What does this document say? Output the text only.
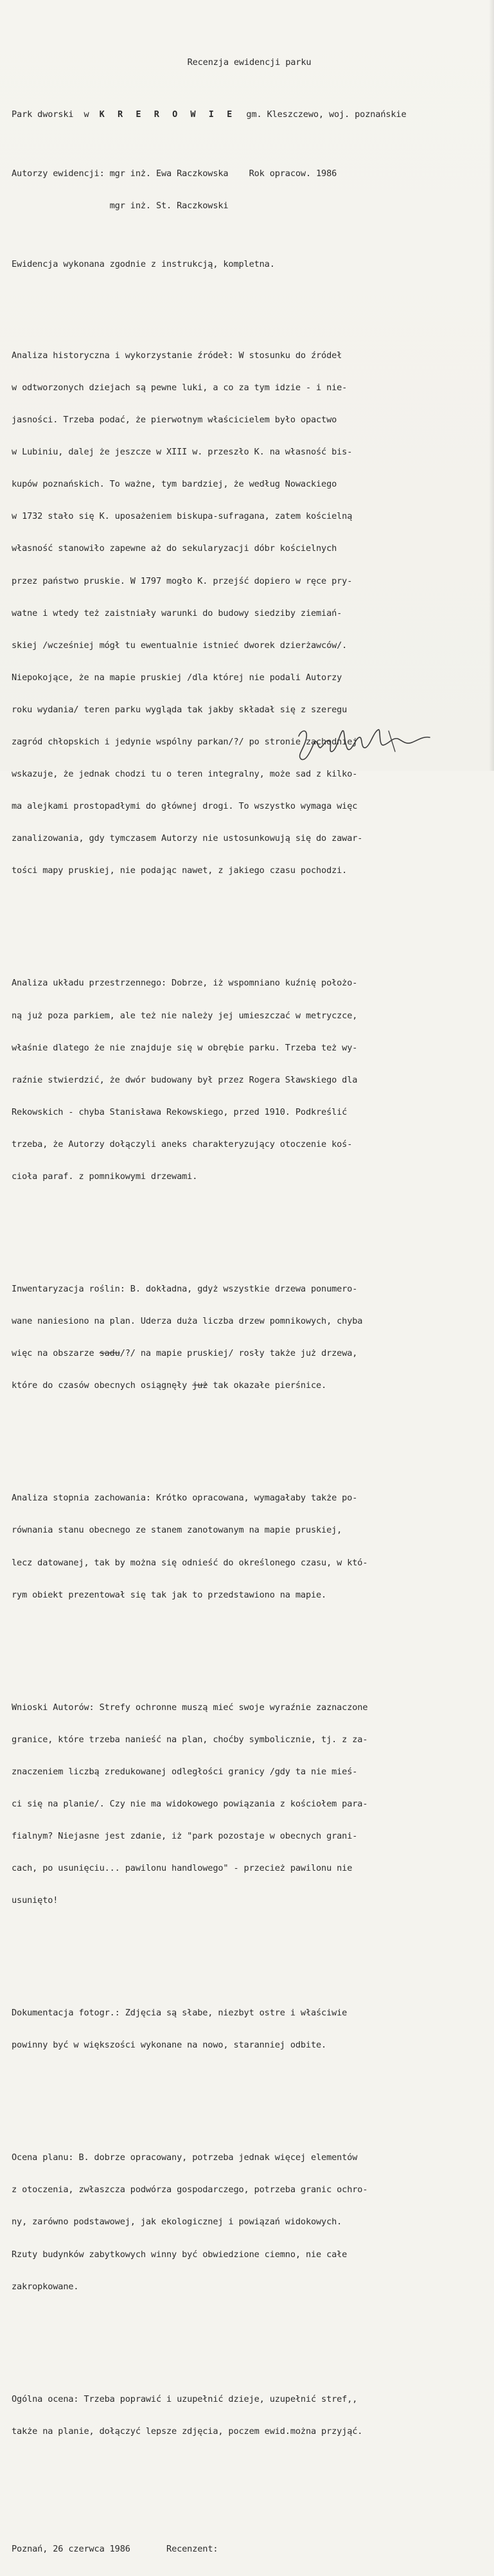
Recenzja ewidencji parku

Park dworski  w  K R E R O W I E  gm. Kleszczewo, woj. poznańskie

Autorzy ewidencji: mgr inż. Ewa Raczkowska    Rok opracow. 1986

mgr inż. St. Raczkowski

Ewidencja wykonana zgodnie z instrukcją, kompletna.

Analiza historyczna i wykorzystanie źródeł: W stosunku do źródeł

w odtworzonych dziejach są pewne luki, a co za tym idzie - i nie-

jasności. Trzeba podać, że pierwotnym właścicielem było opactwo

w Lubiniu, dalej że jeszcze w XIII w. przeszło K. na własność bis-

kupów poznańskich. To ważne, tym bardziej, że według Nowackiego

w 1732 stało się K. uposażeniem biskupa-sufragana, zatem kościelną

własność stanowiło zapewne aż do sekularyzacji dóbr kościelnych

przez państwo pruskie. W 1797 mogło K. przejść dopiero w ręce pry-

watne i wtedy też zaistniały warunki do budowy siedziby ziemiań-

skiej /wcześniej mógł tu ewentualnie istnieć dworek dzierżawców/.

Niepokojące, że na mapie pruskiej /dla której nie podali Autorzy

roku wydania/ teren parku wygląda tak jakby składał się z szeregu

zagród chłopskich i jedynie wspólny parkan/?/ po stronie zachodniej

wskazuje, że jednak chodzi tu o teren integralny, może sad z kilko-

ma alejkami prostopadłymi do głównej drogi. To wszystko wymaga więc

zanalizowania, gdy tymczasem Autorzy nie ustosunkowują się do zawar-

tości mapy pruskiej, nie podając nawet, z jakiego czasu pochodzi.

Analiza układu przestrzennego: Dobrze, iż wspomniano kuźnię położo-

ną już poza parkiem, ale też nie należy jej umieszczać w metryczce,

właśnie dlatego że nie znajduje się w obrębie parku. Trzeba też wy-

raźnie stwierdzić, że dwór budowany był przez Rogera Sławskiego dla

Rekowskich - chyba Stanisława Rekowskiego, przed 1910. Podkreślić

trzeba, że Autorzy dołączyli aneks charakteryzujący otoczenie koś-

cioła paraf. z pomnikowymi drzewami.

Inwentaryzacja roślin: B. dokładna, gdyż wszystkie drzewa ponumero-

wane naniesiono na plan. Uderza duża liczba drzew pomnikowych, chyba

więc na obszarze sadu/?/ na mapie pruskiej/ rosły także już drzewa,

które do czasów obecnych osiągnęły już tak okazałe pierśnice.

Analiza stopnia zachowania: Krótko opracowana, wymagałaby także po-

równania stanu obecnego ze stanem zanotowanym na mapie pruskiej,

lecz datowanej, tak by można się odnieść do określonego czasu, w któ-

rym obiekt prezentował się tak jak to przedstawiono na mapie.

Wnioski Autorów: Strefy ochronne muszą mieć swoje wyraźnie zaznaczone

granice, które trzeba nanieść na plan, choćby symbolicznie, tj. z za-

znaczeniem liczbą zredukowanej odległości granicy /gdy ta nie mieś-

ci się na planie/. Czy nie ma widokowego powiązania z kościołem para-

fialnym? Niejasne jest zdanie, iż "park pozostaje w obecnych grani-

cach, po usunięciu... pawilonu handlowego" - przecież pawilonu nie

usunięto!

Dokumentacja fotogr.: Zdjęcia są słabe, niezbyt ostre i właściwie

powinny być w większości wykonane na nowo, staranniej odbite.

Ocena planu: B. dobrze opracowany, potrzeba jednak więcej elementów

z otoczenia, zwłaszcza podwórza gospodarczego, potrzeba granic ochro-

ny, zarówno podstawowej, jak ekologicznej i powiązań widokowych.

Rzuty budynków zabytkowych winny być obwiedzione ciemno, nie całe

zakropkowane.

Ogólna ocena: Trzeba poprawić i uzupełnić dzieje, uzupełnić stref,,

także na planie, dołączyć lepsze zdjęcia, poczem ewid.można przyjąć.

Poznań, 26 czerwca 1986	Recenzent:
